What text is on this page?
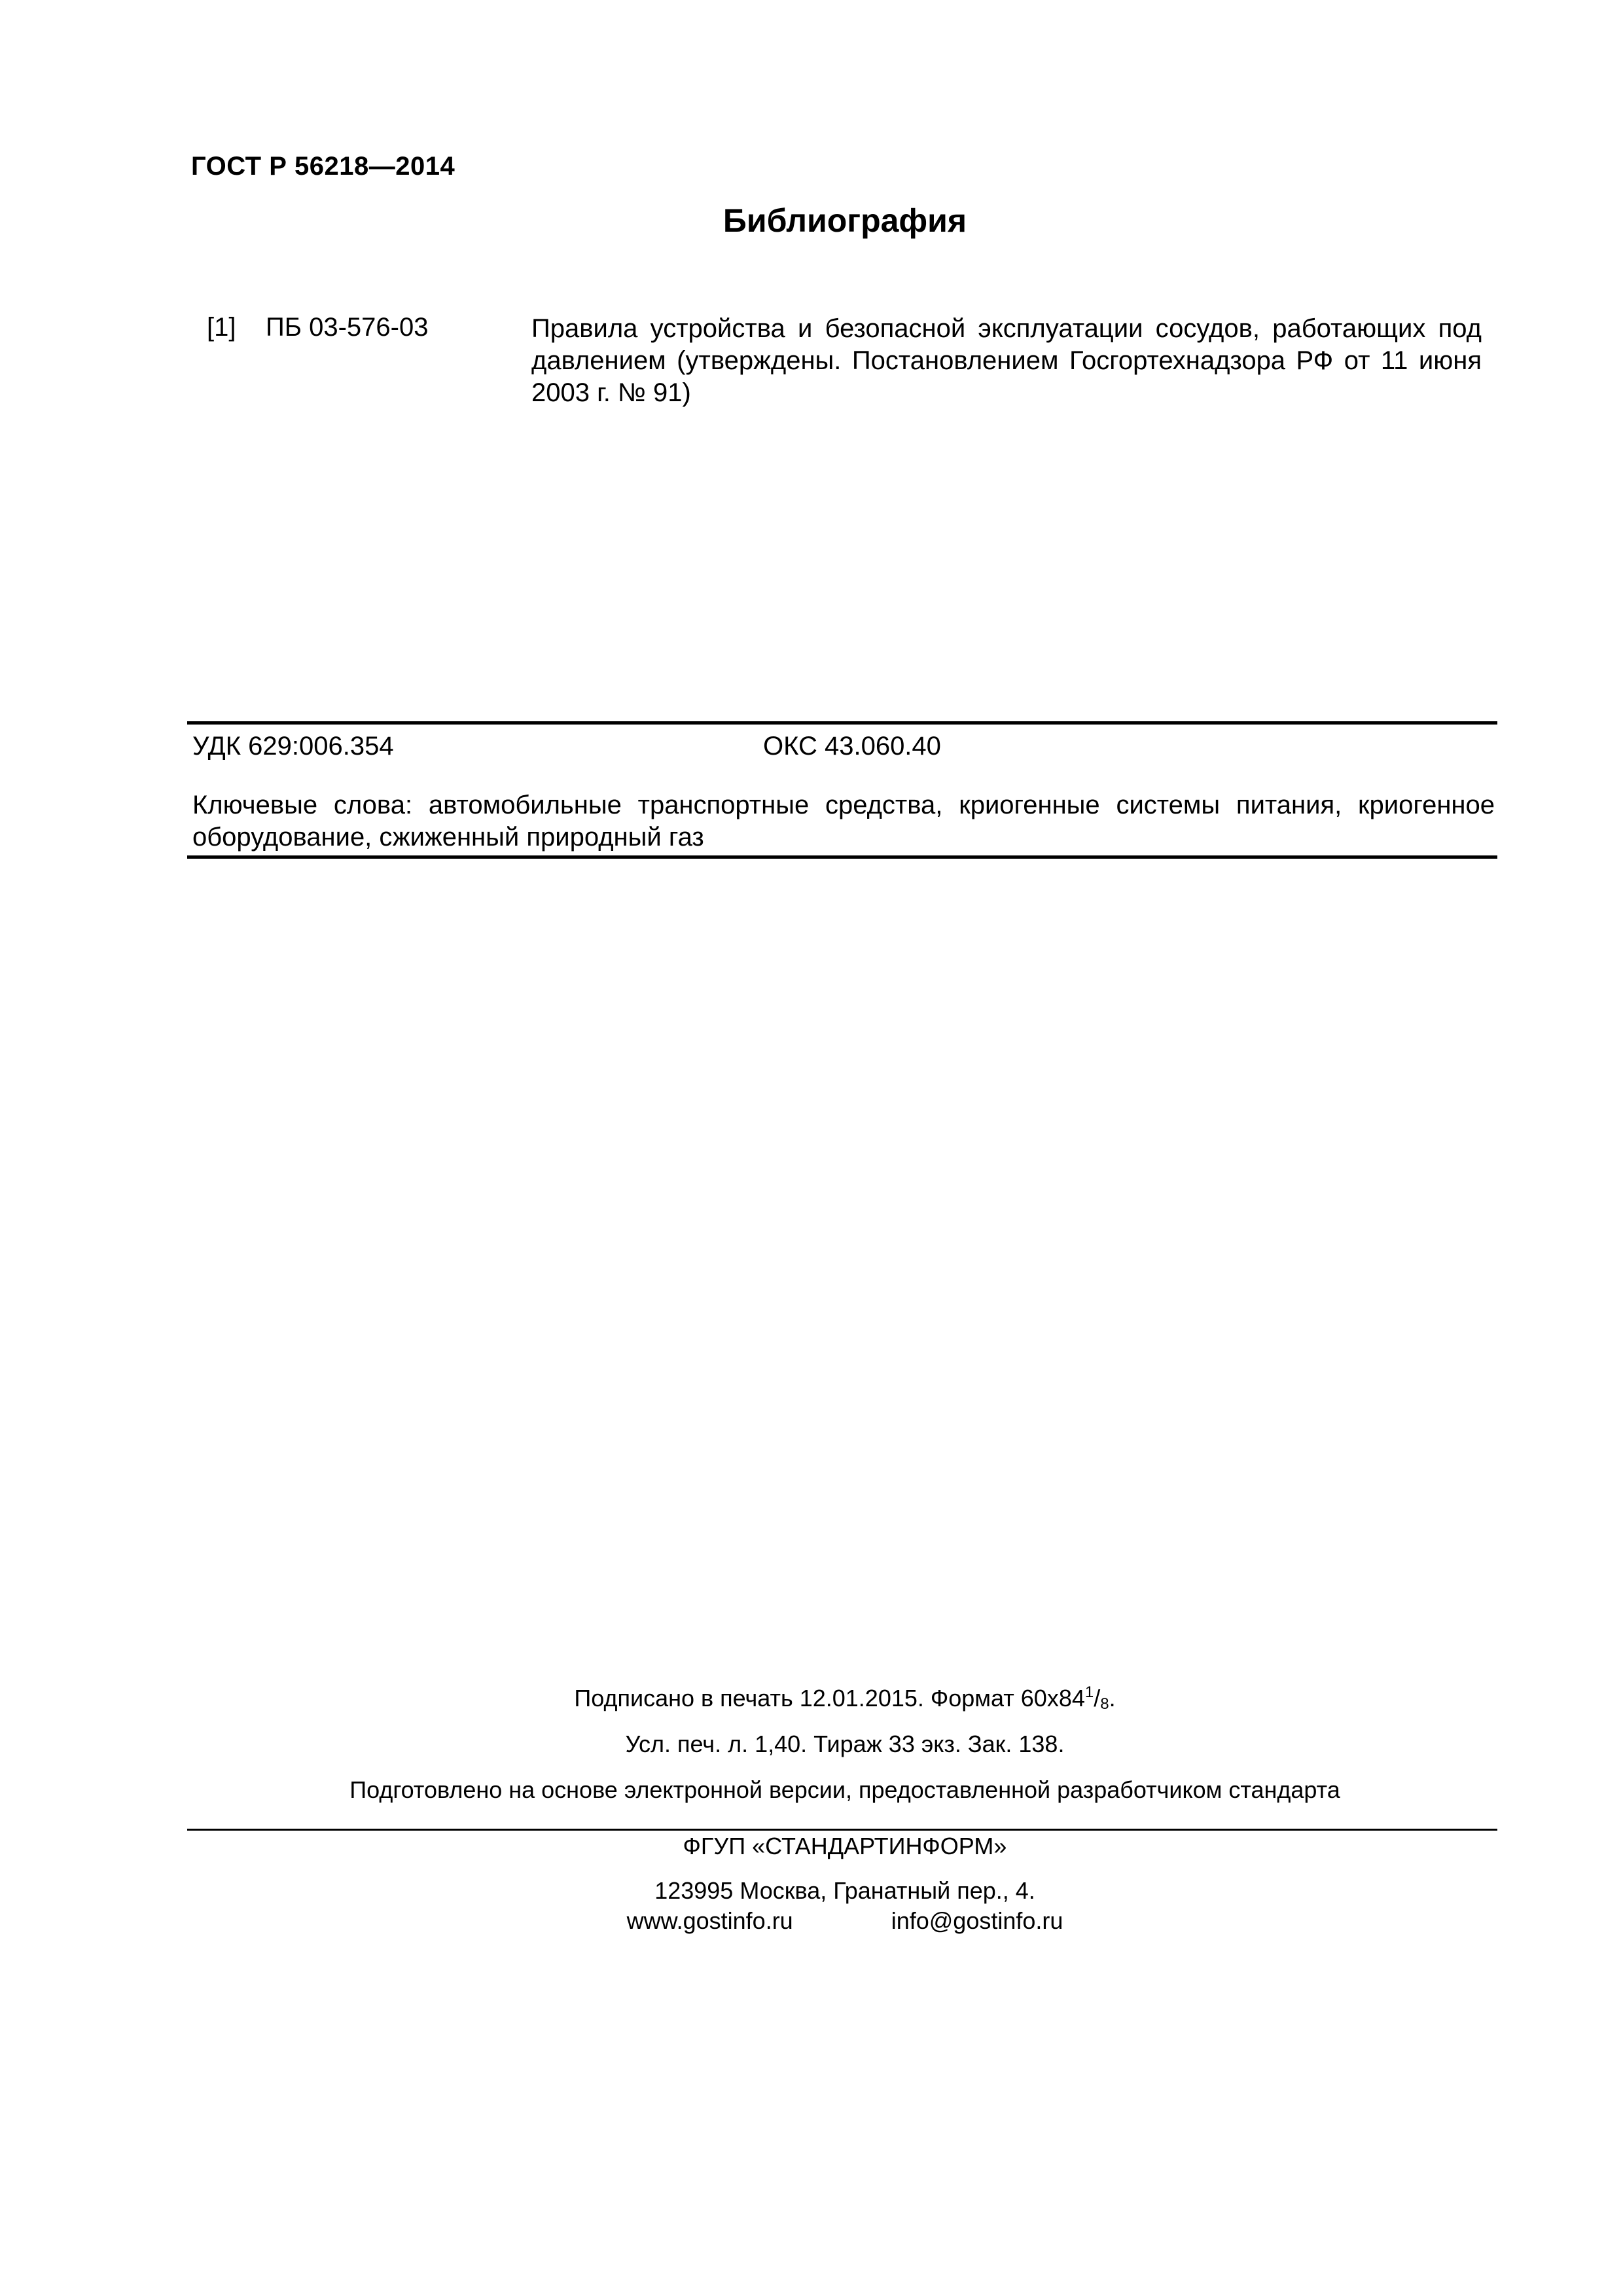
ГОСТ Р 56218—2014
Библиография
[1] ПБ 03-576-03	Правила устройства и безопасной эксплуатации сосудов, работающих под давлением (утверждены. Постановлением Госгортехнадзора РФ от 11 июня 2003 г. № 91)
УДК 629:006.354	ОКС 43.060.40
Ключевые слова: автомобильные транспортные средства, криогенные системы питания, криогенное оборудование, сжиженный природный газ
Подписано в печать 12.01.2015. Формат $60x84^1/_8$.
Усл. печ. л. 1,40. Тираж 33 экз. Зак. 138.
Подготовлено на основе электронной версии, предоставленной разработчиком стандарта
ФГУП «СТАНДАРТИНФОРМ»
123995 Москва, Гранатный пер., 4.
www.gostinfo.ru	info@gostinfo.ru
